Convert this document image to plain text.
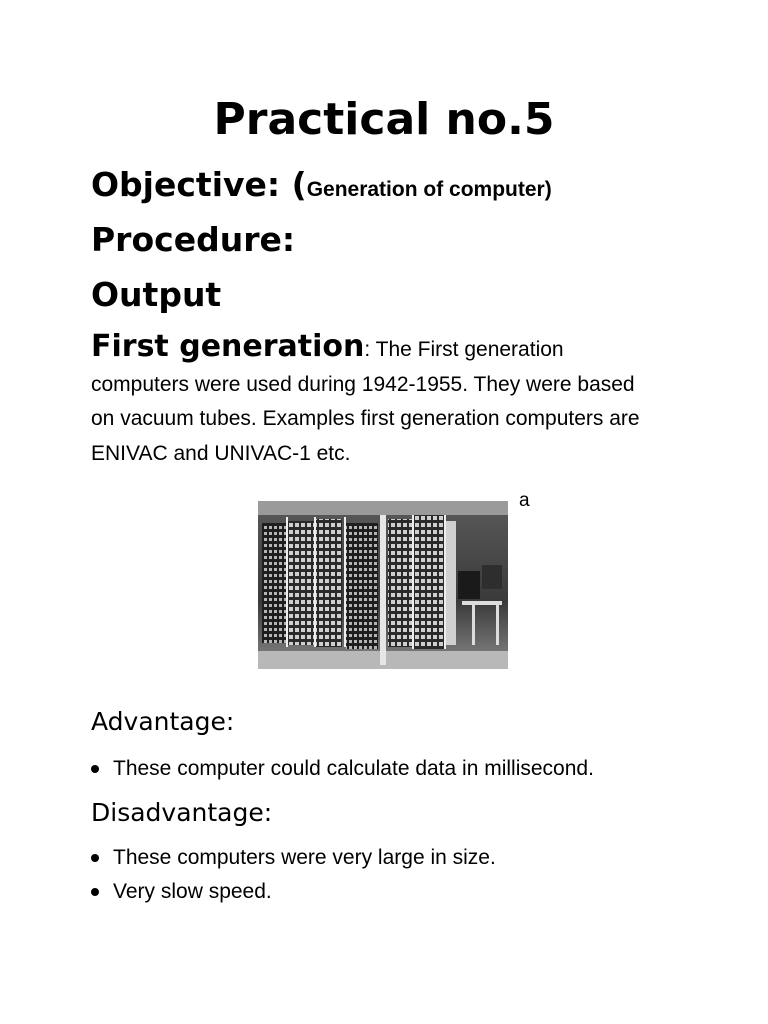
Practical no.5

Objective: (Generation of computer)

Procedure:

Output

First generation: The First generation computers were used during 1942-1955. They were based on vacuum tubes. Examples first generation computers are ENIVAC and UNIVAC-1 etc.

a
Advantage:
These computer could calculate data in millisecond.
Disadvantage:
These computers were very large in size.
Very slow speed.
